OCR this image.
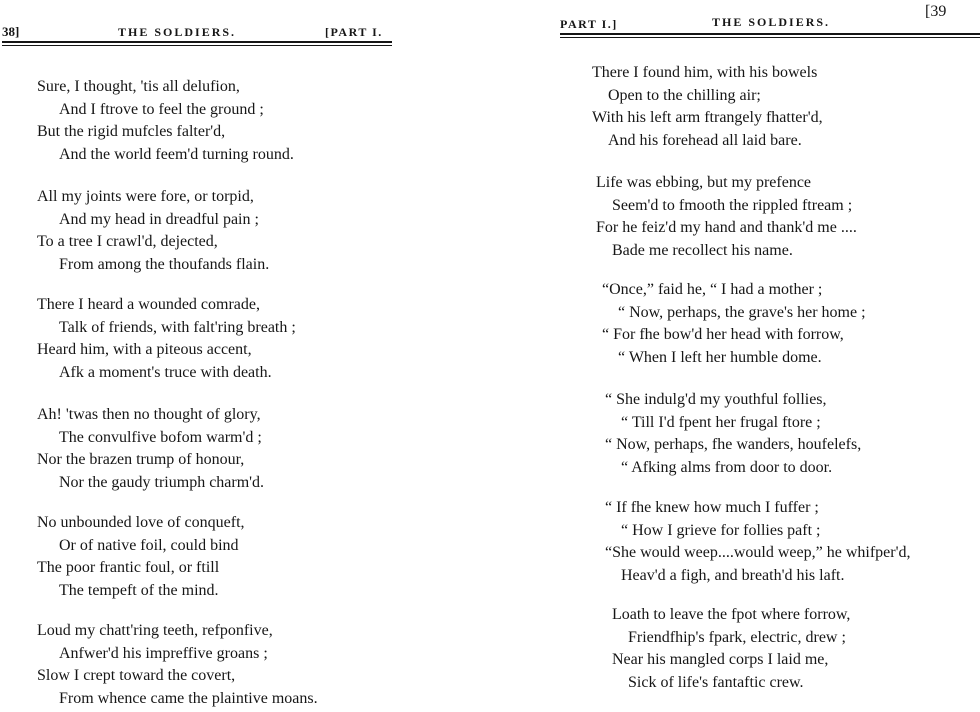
38]	THE SOLDIERS.	[PART I.
Sure, I thought, 'tis all delufion,
And I ftrove to feel the ground ;
But the rigid mufcles falter'd,
And the world feem'd turning round.
All my joints were fore, or torpid,
And my head in dreadful pain ;
To a tree I crawl'd, dejected,
From among the thoufands flain.
There I heard a wounded comrade,
Talk of friends, with falt'ring breath ;
Heard him, with a piteous accent,
Afk a moment's truce with death.
Ah! 'twas then no thought of glory,
The convulfive bofom warm'd ;
Nor the brazen trump of honour,
Nor the gaudy triumph charm'd.
No unbounded love of conqueft,
Or of native foil, could bind
The poor frantic foul, or ftill
The tempeft of the mind.
Loud my chatt'ring teeth, refponfive,
Anfwer'd his impreffive groans ;
Slow I crept toward the covert,
From whence came the plaintive moans.
PART I.]	THE SOLDIERS.
[39
There I found him, with his bowels
Open to the chilling air;
With his left arm ftrangely fhatter'd,
And his forehead all laid bare.
Life was ebbing, but my prefence
Seem'd to fmooth the rippled ftream ;
For he feiz'd my hand and thank'd me ....
Bade me recollect his name.
“Once,” faid he, “ I had a mother ;
“ Now, perhaps, the grave's her home ;
“ For fhe bow'd her head with forrow,
“ When I left her humble dome.
“ She indulg'd my youthful follies,
“ Till I'd fpent her frugal ftore ;
“ Now, perhaps, fhe wanders, houfelefs,
“ Afking alms from door to door.
“ If fhe knew how much I fuffer ;
“ How I grieve for follies paft ;
“She would weep....would weep,” he whifper'd,
Heav'd a figh, and breath'd his laft.
Loath to leave the fpot where forrow,
Friendfhip's fpark, electric, drew ;
Near his mangled corps I laid me,
Sick of life's fantaftic crew.
